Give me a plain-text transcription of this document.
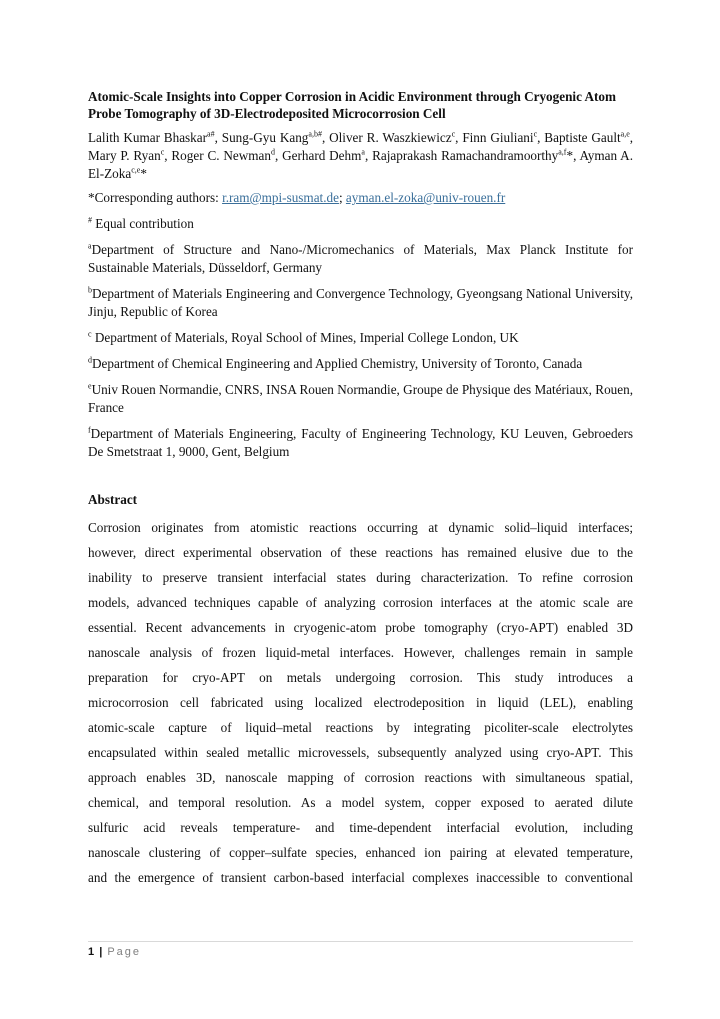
Atomic-Scale Insights into Copper Corrosion in Acidic Environment through Cryogenic Atom Probe Tomography of 3D-Electrodeposited Microcorrosion Cell
Lalith Kumar Bhaskar$^{a\#}$, Sung-Gyu Kang$^{a,b\#}$, Oliver R. Waszkiewicz$^c$, Finn Giuliani$^c$, Baptiste Gault$^{a,e}$, Mary P. Ryan$^c$, Roger C. Newman$^d$, Gerhard Dehm$^a$, Rajaprakash Ramachandramoorthy$^{a,f}$*, Ayman A. El-Zoka$^{c,e}$*
*Corresponding authors: r.ram@mpi-susmat.de; ayman.el-zoka@univ-rouen.fr
# Equal contribution
$^a$Department of Structure and Nano-/Micromechanics of Materials, Max Planck Institute for Sustainable Materials, Düsseldorf, Germany
$^b$Department of Materials Engineering and Convergence Technology, Gyeongsang National University, Jinju, Republic of Korea
$^c$ Department of Materials, Royal School of Mines, Imperial College London, UK
$^d$Department of Chemical Engineering and Applied Chemistry, University of Toronto, Canada
$^e$Univ Rouen Normandie, CNRS, INSA Rouen Normandie, Groupe de Physique des Matériaux, Rouen, France
$^f$Department of Materials Engineering, Faculty of Engineering Technology, KU Leuven, Gebroeders De Smetstraat 1, 9000, Gent, Belgium
Abstract
Corrosion originates from atomistic reactions occurring at dynamic solid–liquid interfaces;
however, direct experimental observation of these reactions has remained elusive due to the
inability to preserve transient interfacial states during characterization. To refine corrosion
models, advanced techniques capable of analyzing corrosion interfaces at the atomic scale are
essential. Recent advancements in cryogenic-atom probe tomography (cryo-APT) enabled 3D
nanoscale analysis of frozen liquid-metal interfaces. However, challenges remain in sample
preparation for cryo-APT on metals undergoing corrosion. This study introduces a
microcorrosion cell fabricated using localized electrodeposition in liquid (LEL), enabling
atomic-scale capture of liquid–metal reactions by integrating picoliter-scale electrolytes
encapsulated within sealed metallic microvessels, subsequently analyzed using cryo-APT. This
approach enables 3D, nanoscale mapping of corrosion reactions with simultaneous spatial,
chemical, and temporal resolution. As a model system, copper exposed to aerated dilute
sulfuric acid reveals temperature- and time-dependent interfacial evolution, including
nanoscale clustering of copper–sulfate species, enhanced ion pairing at elevated temperature,
and the emergence of transient carbon-based interfacial complexes inaccessible to conventional
1 | Page
